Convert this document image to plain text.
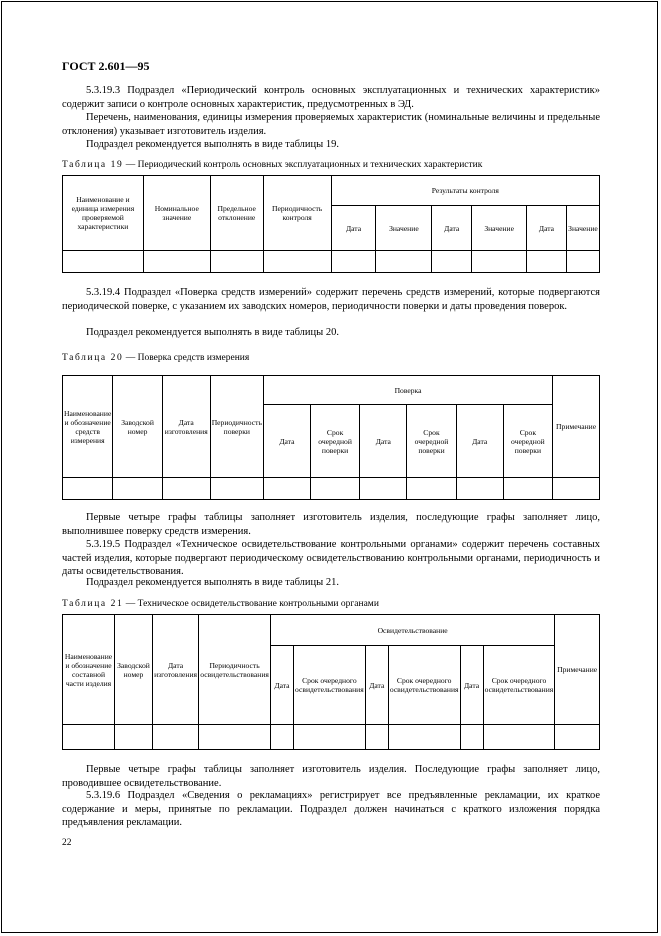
ГОСТ 2.601—95

5.3.19.3 Подраздел «Периодический контроль основных эксплуатационных и технических характеристик» содержит записи о контроле основных характеристик, предусмотренных в ЭД.

Перечень, наименования, единицы измерения проверяемых характеристик (номинальные величины и предельные отклонения) указывает изготовитель изделия.

Подраздел рекомендуется выполнять в виде таблицы 19.

Таблица 19 — Периодический контроль основных эксплуатационных и технических характеристик
Наименование и единица измерения проверяемой характеристики	Номинальное значение	Предельное отклонение	Периодичность контроля	Результаты контроля					
				Дата	Значение	Дата	Значение	Дата	Значение

5.3.19.4 Подраздел «Поверка средств измерений» содержит перечень средств измерений, которые подвергаются периодической поверке, с указанием их заводских номеров, периодичности поверки и даты проведения поверок.

Подраздел рекомендуется выполнять в виде таблицы 20.

Таблица 20 — Поверка средств измерения
Наименование и обозначение средств измерения	Заводской номер	Дата изготовления	Периодичность поверки	Поверка						Примечание
				Дата	Срок очередной поверки	Дата	Срок очередной поверки	Дата	Срок очередной поверки	

Первые четыре графы таблицы заполняет изготовитель изделия, последующие графы заполняет лицо, выполнившее поверку средств измерения.

5.3.19.5 Подраздел «Техническое освидетельствование контрольными органами» содержит перечень составных частей изделия, которые подвергают периодическому освидетельствованию контрольными органами, периодичность и даты освидетельствования.

Подраздел рекомендуется выполнять в виде таблицы 21.

Таблица 21 — Техническое освидетельствование контрольными органами
Наименование и обозначение составной части изделия	Заводской номер	Дата изготовления	Периодичность освидетельствования	Освидетельствование						Примечание
				Дата	Срок очередного освидетельствования	Дата	Срок очередного освидетельствования	Дата	Срок очередного освидетельствования	

Первые четыре графы таблицы заполняет изготовитель изделия. Последующие графы заполняет лицо, проводившее освидетельствование.

5.3.19.6 Подраздел «Сведения о рекламациях» регистрирует все предъявленные рекламации, их краткое содержание и меры, принятые по рекламации. Подраздел должен начинаться с краткого изложения порядка предъявления рекламации.

22
